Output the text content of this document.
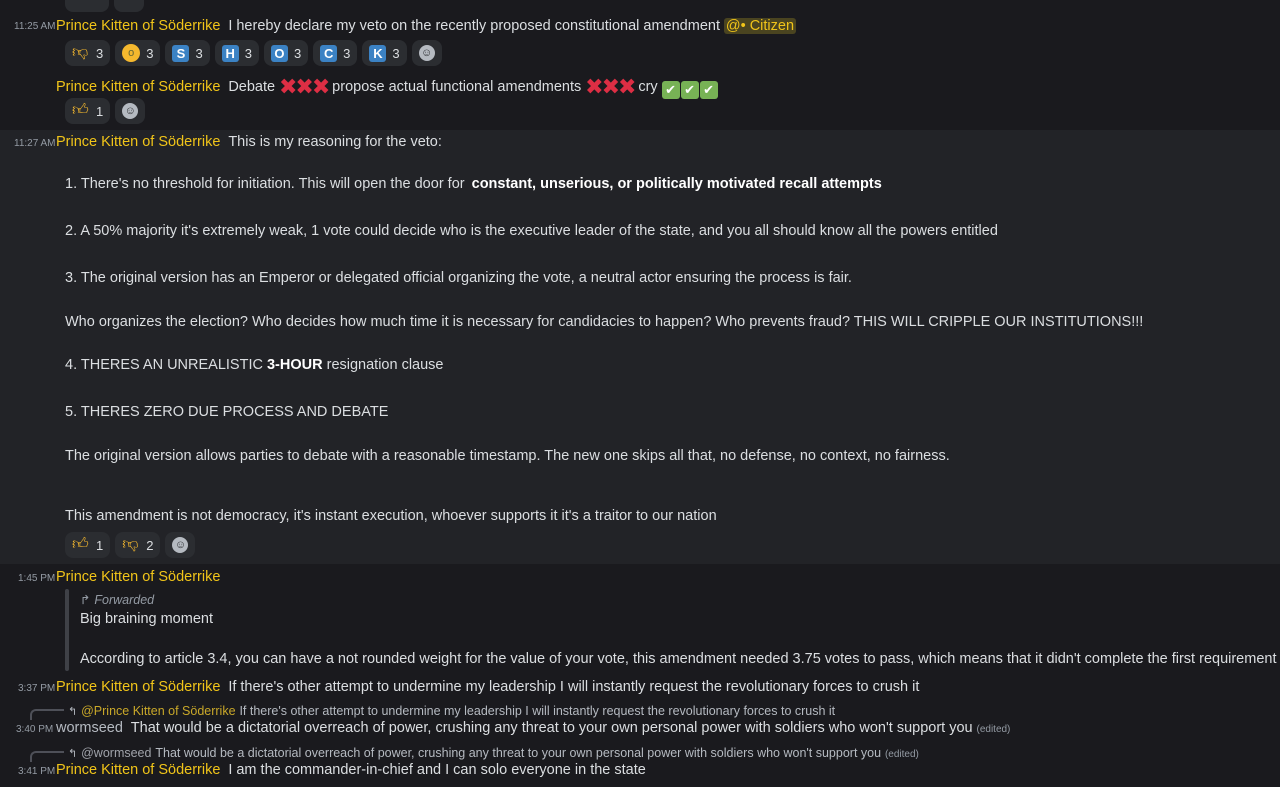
11:25 AM Prince Kitten of Söderrike I hereby declare my veto on the recently proposed constitutional amendment @• Citizen
👎︎ 3	o 3	S 3 H 3 O 3 C 3 K 3 ☺
Prince Kitten of Söderrike Debate ✖✖✖ propose actual functional amendments ✖✖✖ cry ✔ ✔ ✔
👍︎ 1 ☺
11:27 AM Prince Kitten of Söderrike This is my reasoning for the veto:
1. There's no threshold for initiation. This will open the door for constant, unserious, or politically motivated recall attempts
2. A 50% majority it's extremely weak, 1 vote could decide who is the executive leader of the state, and you all should know all the powers entitled
3. The original version has an Emperor or delegated official organizing the vote, a neutral actor ensuring the process is fair.
Who organizes the election? Who decides how much time it is necessary for candidacies to happen? Who prevents fraud? THIS WILL CRIPPLE OUR INSTITUTIONS!!!
4. THERES AN UNREALISTIC 3-HOUR resignation clause
5. THERES ZERO DUE PROCESS AND DEBATE
The original version allows parties to debate with a reasonable timestamp. The new one skips all that, no defense, no context, no fairness.
This amendment is not democracy, it's instant execution, whoever supports it it's a traitor to our nation
👍︎ 1 👎︎ 2 ☺
1:45 PM Prince Kitten of Söderrike
↱ Forwarded
Big braining moment
According to article 3.4, you can have a not rounded weight for the value of your vote, this amendment needed 3.75 votes to pass, which means that it didn't complete the first requirement
3:37 PM Prince Kitten of Söderrike If there's other attempt to undermine my leadership I will instantly request the revolutionary forces to crush it
↰ @Prince Kitten of Söderrike If there's other attempt to undermine my leadership I will instantly request the revolutionary forces to crush it
3:40 PM wormseed That would be a dictatorial overreach of power, crushing any threat to your own personal power with soldiers who won't support you (edited)
↰ @wormseed That would be a dictatorial overreach of power, crushing any threat to your own personal power with soldiers who won't support you (edited)
3:41 PM Prince Kitten of Söderrike I am the commander-in-chief and I can solo everyone in the state
